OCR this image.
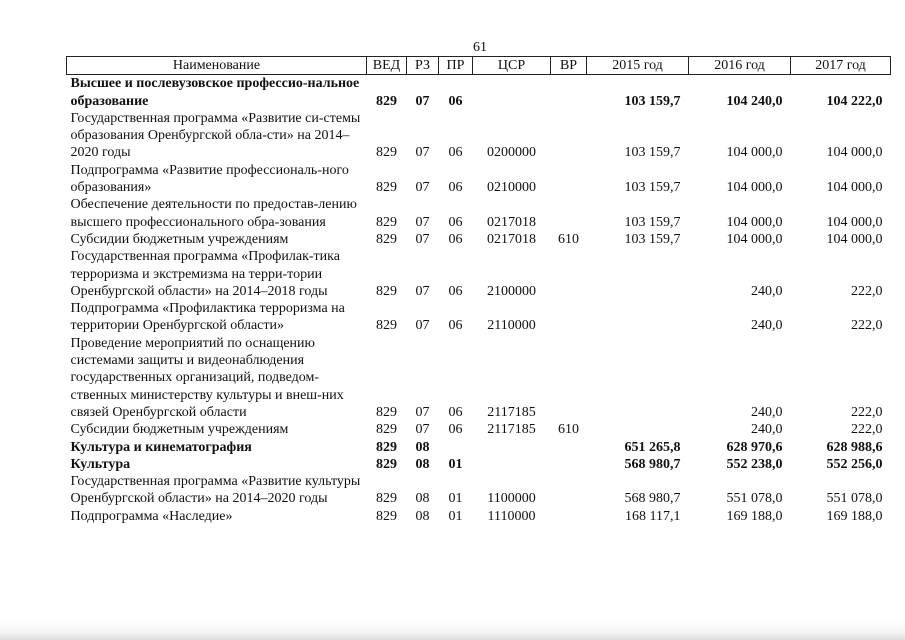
61
Наименование	ВЕД	РЗ	ПР	ЦСР	ВР	2015 год	2016 год	2017 год
Высшее и послевузовское профессио-нальное образование	829	07	06			103 159,7	104 240,0	104 222,0
Государственная программа «Развитие си-стемы образования Оренбургской обла-сти» на 2014–2020 годы	829	07	06	0200000		103 159,7	104 000,0	104 000,0
Подпрограмма «Развитие профессиональ-ного образования»	829	07	06	0210000		103 159,7	104 000,0	104 000,0
Обеспечение деятельности по предостав-лению высшего профессионального обра-зования	829	07	06	0217018		103 159,7	104 000,0	104 000,0
Субсидии бюджетным учреждениям	829	07	06	0217018	610	103 159,7	104 000,0	104 000,0
Государственная программа «Профилак-тика терроризма и экстремизма на терри-тории Оренбургской области» на 2014–2018 годы	829	07	06	2100000			240,0	222,0
Подпрограмма «Профилактика терроризма на территории Оренбургской области»	829	07	06	2110000			240,0	222,0
Проведение мероприятий по оснащению системами защиты и видеонаблюдения государственных организаций, подведом-ственных министерству культуры и внеш-них связей Оренбургской области	829	07	06	2117185			240,0	222,0
Субсидии бюджетным учреждениям	829	07	06	2117185	610		240,0	222,0
Культура и кинематография	829	08				651 265,8	628 970,6	628 988,6
Культура	829	08	01			568 980,7	552 238,0	552 256,0
Государственная программа «Развитие культуры Оренбургской области» на 2014–2020 годы	829	08	01	1100000		568 980,7	551 078,0	551 078,0
Подпрограмма «Наследие»	829	08	01	1110000		168 117,1	169 188,0	169 188,0
